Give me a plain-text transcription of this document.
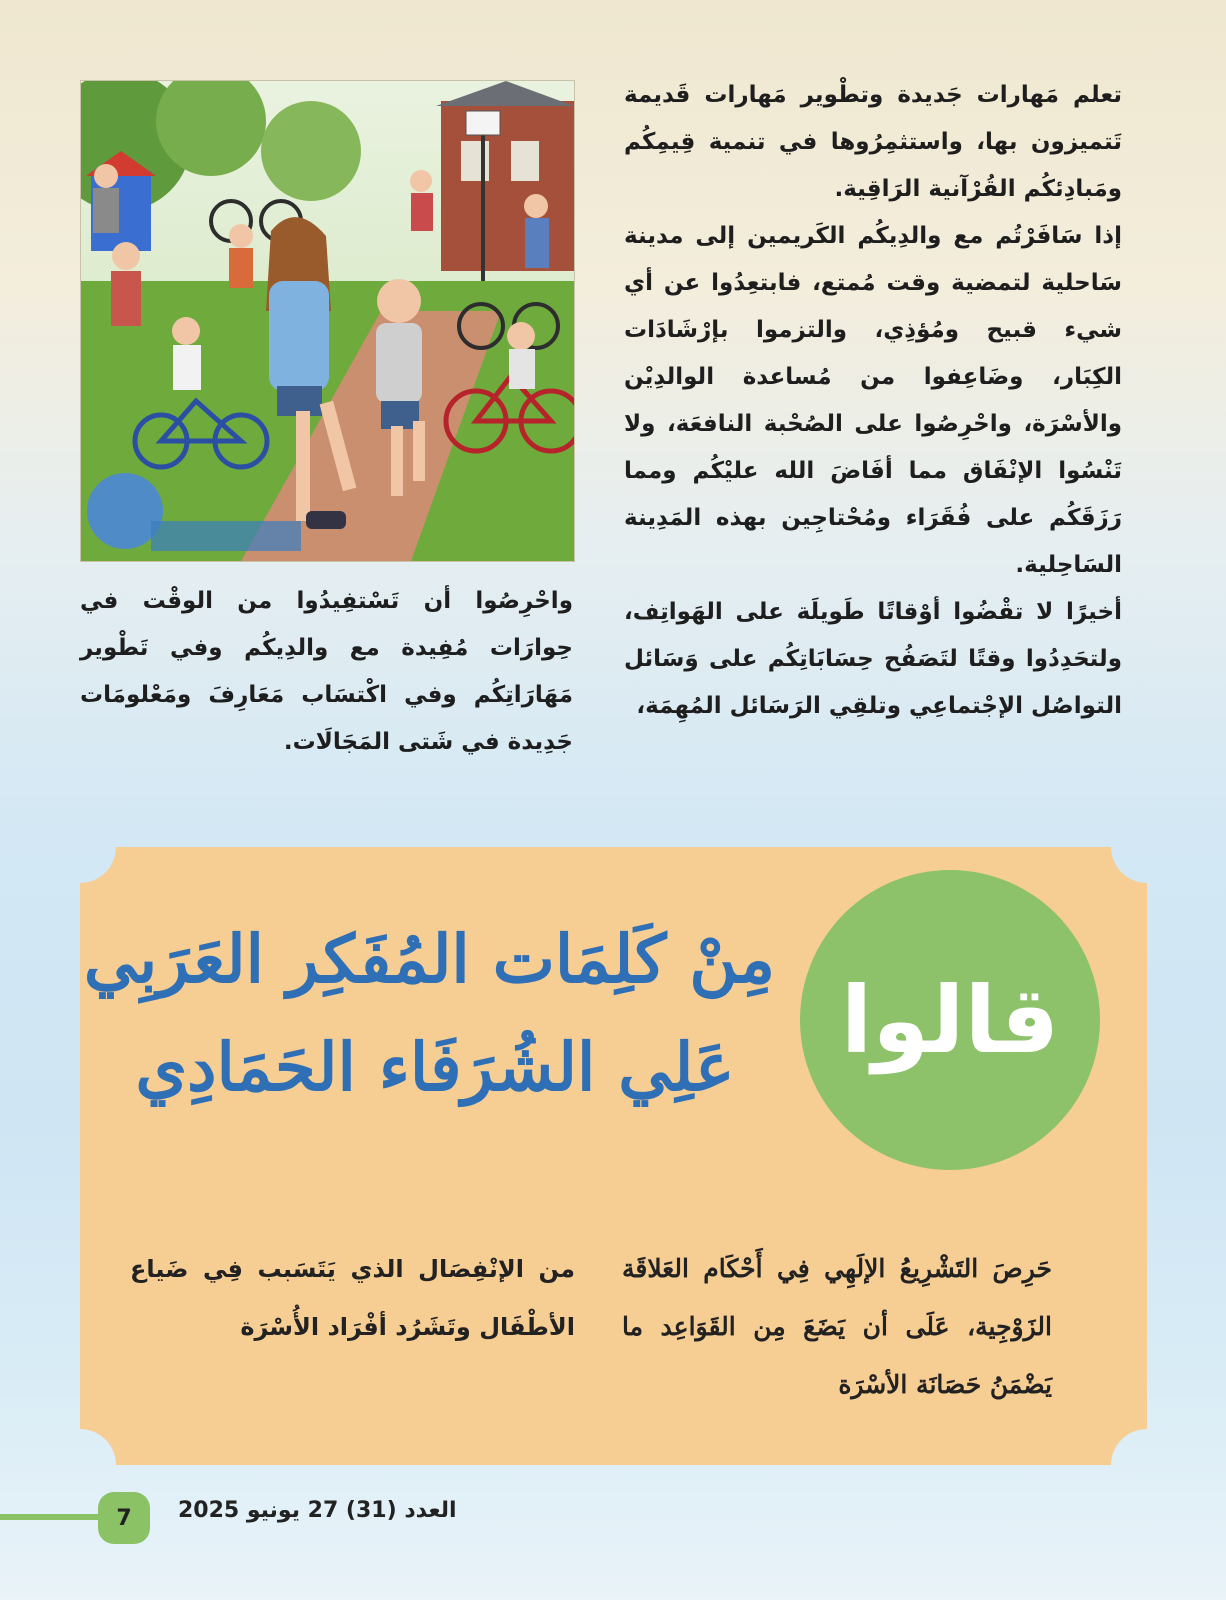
تعلم مَهارات جَديدة وتطْوير مَهارات قَديمة تَتميزون بها، واستثمِرُوها في تنمية قِيمِكُم ومَبادِئكُم القُرْآنية الرَاقِية.

إذا سَافَرْتُم مع والدِيكُم الكَريمين إلى مدينة سَاحلية لتمضية وقت مُمتع، فابتعِدُوا عن أي شيء قبيح ومُؤذِي، والتزموا بإرْشَادَات الكِبَار، وضَاعِفوا من مُساعدة الوالدِيْن والأسْرَة، واحْرِصُوا على الصُحْبة النافعَة، ولا تَنْسُوا الإنْفَاق مما أفَاضَ الله عليْكُم ومما رَزَقَكُم على فُقَرَاء ومُحْتاجِين بهذه المَدِينة السَاحِلية.

أخيرًا لا تقْضُوا أوْقاتًا طَويلَة على الهَواتِف، ولتحَدِدُوا وقتًا لتَصَفُح حِسَابَاتِكُم على وَسَائل التواصُل الإجْتماعِي وتلقِي الرَسَائل المُهِمَة،

واحْرِصُوا أن تَسْتفِيدُوا من الوقْت في حِوارَات مُفِيدة مع والدِيكُم وفي تَطْوير مَهَارَاتِكُم وفي اكْتسَاب مَعَارِفَ ومَعْلومَات جَدِيدة في شَتى المَجَالَات.

قالوا
مِنْ كَلِمَات المُفَكِر العَرَبِي
عَلِي الشُرَفَاء الحَمَادِي

حَرِصَ التَشْرِيعُ الإلَهِي فِي أَحْكَام العَلاقَة الزَوْجِية، عَلَى أن يَضَعَ مِن القَوَاعِد ما يَضْمَنُ حَصَانَة الأسْرَة

من الإنْفِصَال الذي يَتَسَبب فِي ضَياع الأطْفَال وتَشَرُد أفْرَاد الأُسْرَة

7	العدد (31) 27 يونيو 2025
